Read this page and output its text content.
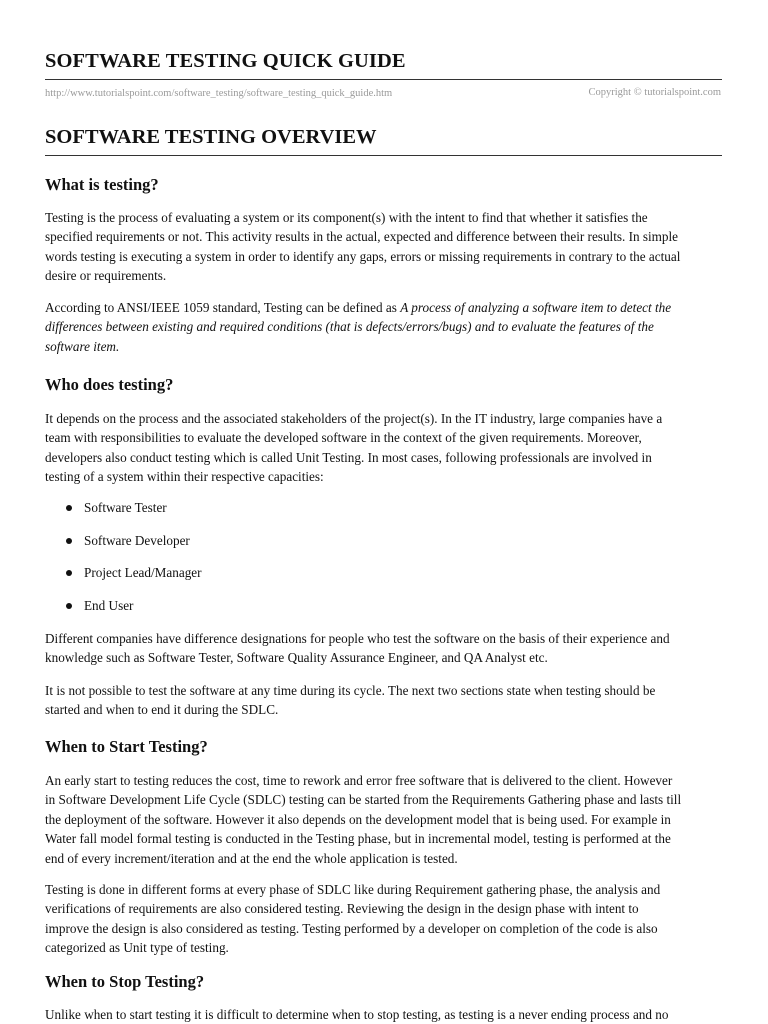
SOFTWARE TESTING QUICK GUIDE
http://www.tutorialspoint.com/software_testing/software_testing_quick_guide.htm	Copyright © tutorialspoint.com
SOFTWARE TESTING OVERVIEW
What is testing?
Testing is the process of evaluating a system or its component(s) with the intent to find that whether it satisfies the
specified requirements or not. This activity results in the actual, expected and difference between their results. In simple
words testing is executing a system in order to identify any gaps, errors or missing requirements in contrary to the actual
desire or requirements.
According to ANSI/IEEE 1059 standard, Testing can be defined as A process of analyzing a software item to detect the
differences between existing and required conditions (that is defects/errors/bugs) and to evaluate the features of the
software item.
Who does testing?
It depends on the process and the associated stakeholders of the project(s). In the IT industry, large companies have a
team with responsibilities to evaluate the developed software in the context of the given requirements. Moreover,
developers also conduct testing which is called Unit Testing. In most cases, following professionals are involved in
testing of a system within their respective capacities:
Software Tester
Software Developer
Project Lead/Manager
End User
Different companies have difference designations for people who test the software on the basis of their experience and
knowledge such as Software Tester, Software Quality Assurance Engineer, and QA Analyst etc.
It is not possible to test the software at any time during its cycle. The next two sections state when testing should be
started and when to end it during the SDLC.
When to Start Testing?
An early start to testing reduces the cost, time to rework and error free software that is delivered to the client. However
in Software Development Life Cycle (SDLC) testing can be started from the Requirements Gathering phase and lasts till
the deployment of the software. However it also depends on the development model that is being used. For example in
Water fall model formal testing is conducted in the Testing phase, but in incremental model, testing is performed at the
end of every increment/iteration and at the end the whole application is tested.
Testing is done in different forms at every phase of SDLC like during Requirement gathering phase, the analysis and
verifications of requirements are also considered testing. Reviewing the design in the design phase with intent to
improve the design is also considered as testing. Testing performed by a developer on completion of the code is also
categorized as Unit type of testing.
When to Stop Testing?
Unlike when to start testing it is difficult to determine when to stop testing, as testing is a never ending process and no
